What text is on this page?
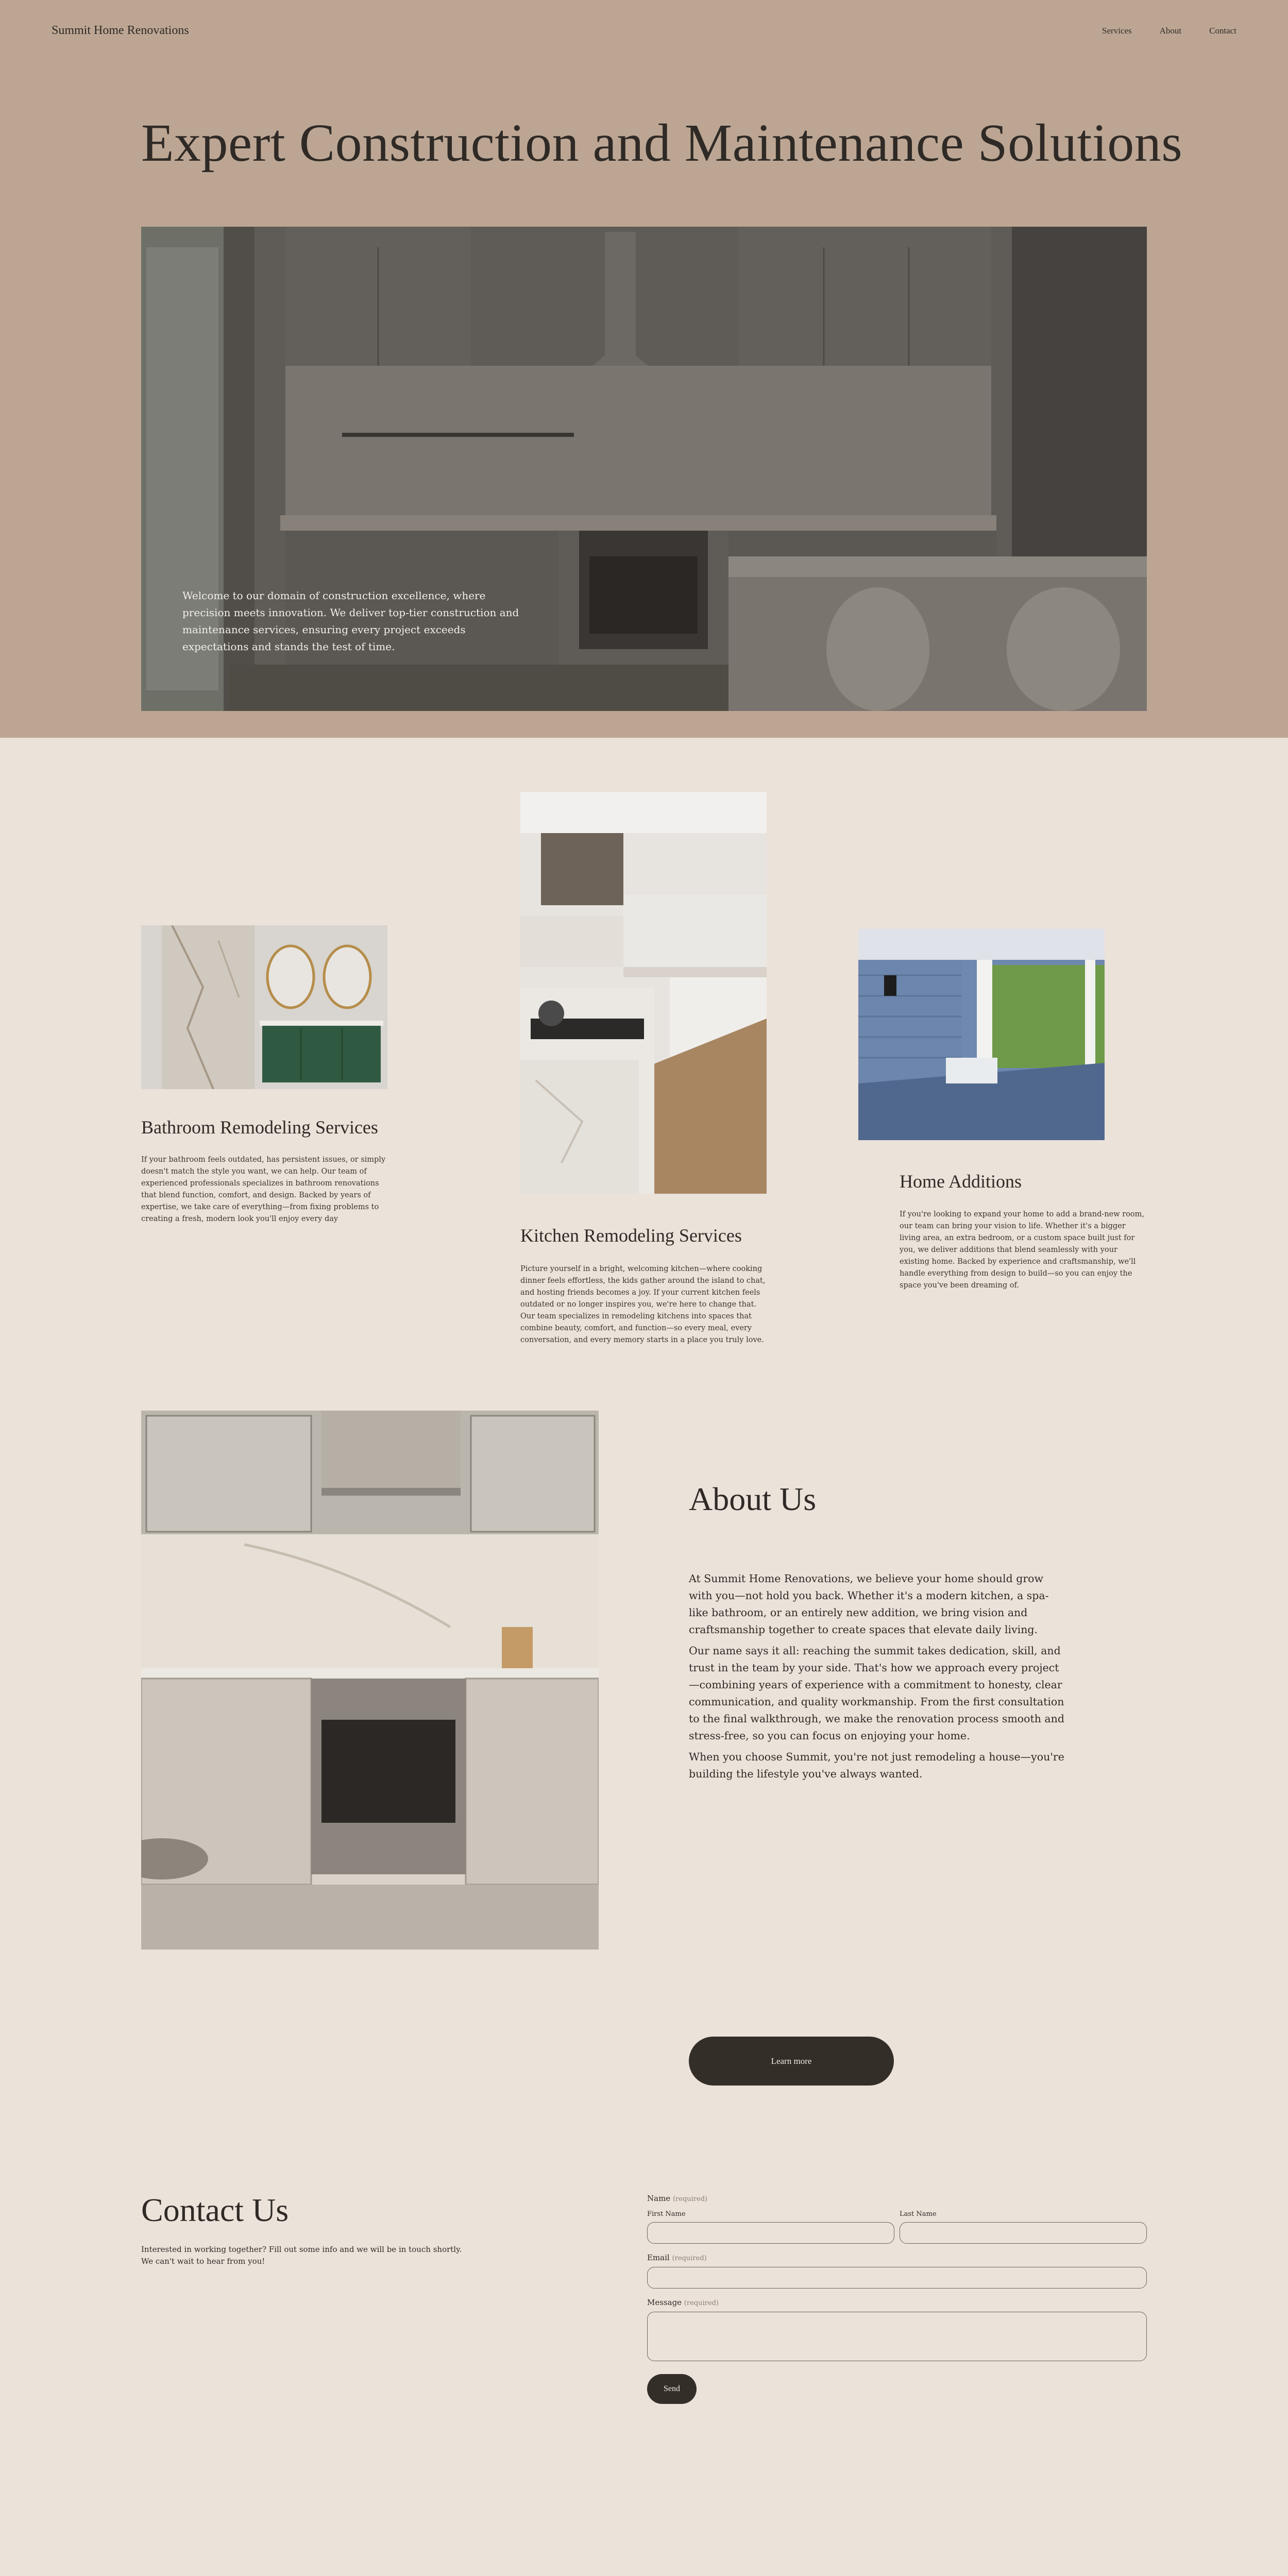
Summit Home Renovations	Services	About	Contact
Expert Construction and Maintenance Solutions
Welcome to our domain of construction excellence, where precision meets innovation. We deliver top-tier construction and maintenance services, ensuring every project exceeds expectations and stands the test of time.
Bathroom Remodeling Services
If your bathroom feels outdated, has persistent issues, or simply doesn't match the style you want, we can help. Our team of experienced professionals specializes in bathroom renovations that blend function, comfort, and design. Backed by years of expertise, we take care of everything—from fixing problems to creating a fresh, modern look you'll enjoy every day
Kitchen Remodeling Services
Picture yourself in a bright, welcoming kitchen—where cooking dinner feels effortless, the kids gather around the island to chat, and hosting friends becomes a joy. If your current kitchen feels outdated or no longer inspires you, we're here to change that. Our team specializes in remodeling kitchens into spaces that combine beauty, comfort, and function—so every meal, every conversation, and every memory starts in a place you truly love.
Home Additions
If you're looking to expand your home to add a brand-new room, our team can bring your vision to life. Whether it's a bigger living area, an extra bedroom, or a custom space built just for you, we deliver additions that blend seamlessly with your existing home. Backed by experience and craftsmanship, we'll handle everything from design to build—so you can enjoy the space you've been dreaming of.
About Us

At Summit Home Renovations, we believe your home should grow with you—not hold you back. Whether it's a modern kitchen, a spa-like bathroom, or an entirely new addition, we bring vision and craftsmanship together to create spaces that elevate daily living.

Our name says it all: reaching the summit takes dedication, skill, and trust in the team by your side. That's how we approach every project—combining years of experience with a commitment to honesty, clear communication, and quality workmanship. From the first consultation to the final walkthrough, we make the renovation process smooth and stress-free, so you can focus on enjoying your home.

When you choose Summit, you're not just remodeling a house—you're building the lifestyle you've always wanted.

Learn more
Contact Us
Interested in working together? Fill out some info and we will be in touch shortly. We can't wait to hear from you!
Name (required)
First Name	Last Name
Email (required)
Message (required)
Send
